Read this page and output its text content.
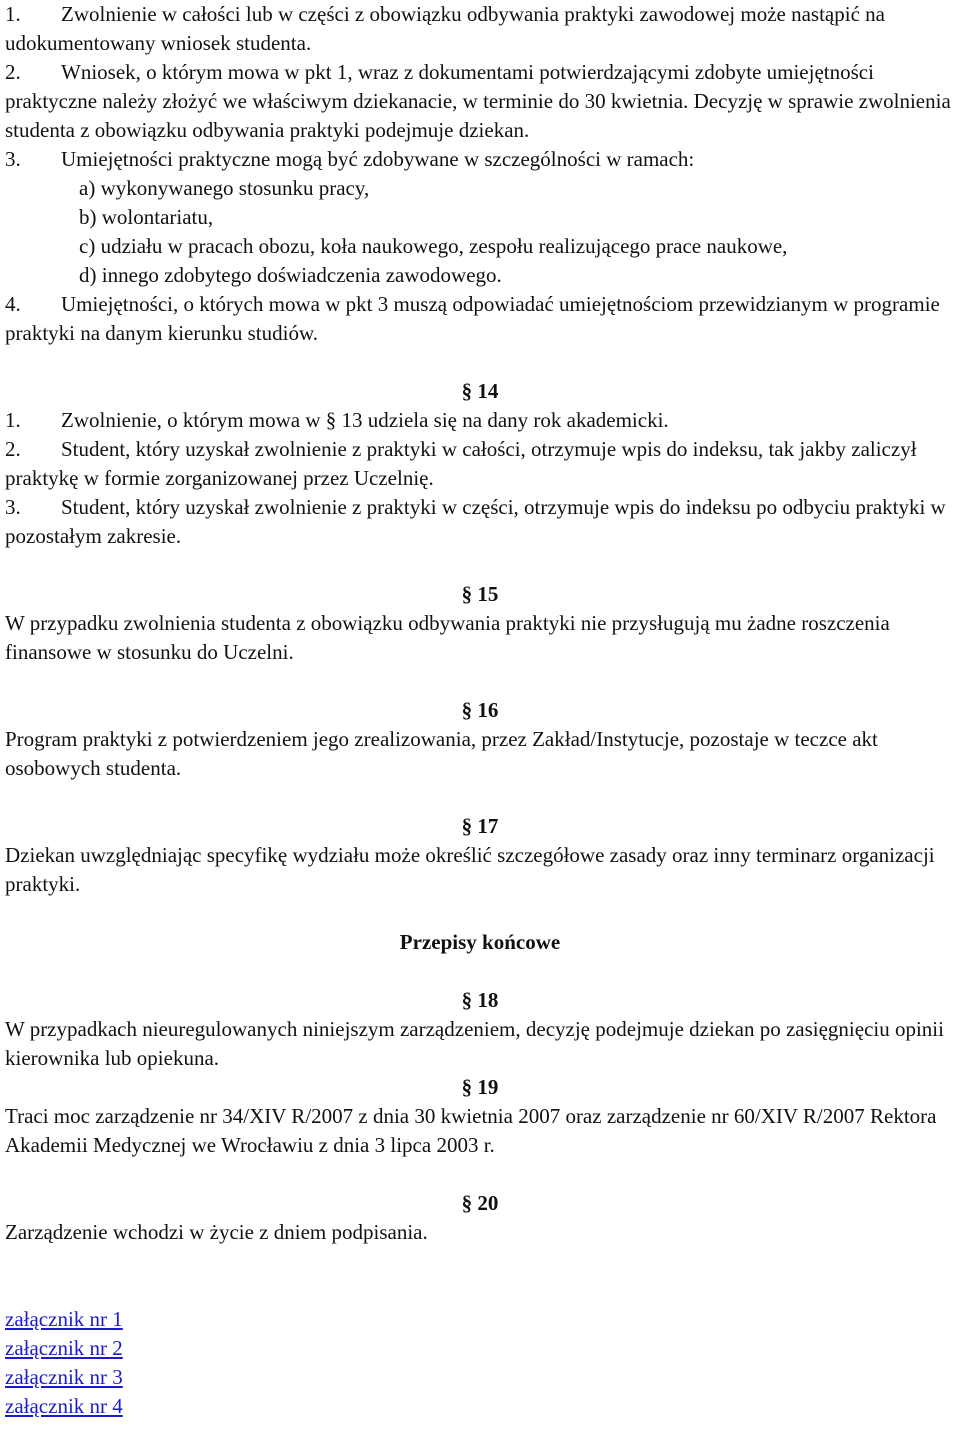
1. Zwolnienie w całości lub w części z obowiązku odbywania praktyki zawodowej może nastąpić na udokumentowany wniosek studenta.

2. Wniosek, o którym mowa w pkt 1, wraz z dokumentami potwierdzającymi zdobyte umiejętności praktyczne należy złożyć we właściwym dziekanacie, w terminie do 30 kwietnia. Decyzję w sprawie zwolnienia studenta z obowiązku odbywania praktyki podejmuje dziekan.

3. Umiejętności praktyczne mogą być zdobywane w szczególności w ramach:

a) wykonywanego stosunku pracy,

b) wolontariatu,

c) udziału w pracach obozu, koła naukowego, zespołu realizującego prace naukowe,

d) innego zdobytego doświadczenia zawodowego.

4. Umiejętności, o których mowa w pkt 3 muszą odpowiadać umiejętnościom przewidzianym w programie praktyki na danym kierunku studiów.

§ 14

1. Zwolnienie, o którym mowa w § 13 udziela się na dany rok akademicki.

2. Student, który uzyskał zwolnienie z praktyki w całości, otrzymuje wpis do indeksu, tak jakby zaliczył praktykę w formie zorganizowanej przez Uczelnię.

3. Student, który uzyskał zwolnienie z praktyki w części, otrzymuje wpis do indeksu po odbyciu praktyki w pozostałym zakresie.

§ 15

W przypadku zwolnienia studenta z obowiązku odbywania praktyki nie przysługują mu żadne roszczenia finansowe w stosunku do Uczelni.

§ 16

Program praktyki z potwierdzeniem jego zrealizowania, przez Zakład/Instytucje, pozostaje w teczce akt osobowych studenta.

§ 17

Dziekan uwzględniając specyfikę wydziału może określić szczegółowe zasady oraz inny terminarz organizacji praktyki.

Przepisy końcowe

§ 18

W przypadkach nieuregulowanych niniejszym zarządzeniem, decyzję podejmuje dziekan po zasięgnięciu opinii kierownika lub opiekuna.

§ 19

Traci moc zarządzenie nr 34/XIV R/2007 z dnia 30 kwietnia 2007 oraz zarządzenie nr 60/XIV R/2007 Rektora Akademii Medycznej we Wrocławiu z dnia 3 lipca 2003 r.

§ 20

Zarządzenie wchodzi w życie z dniem podpisania.

załącznik nr 1
załącznik nr 2
załącznik nr 3
załącznik nr 4
